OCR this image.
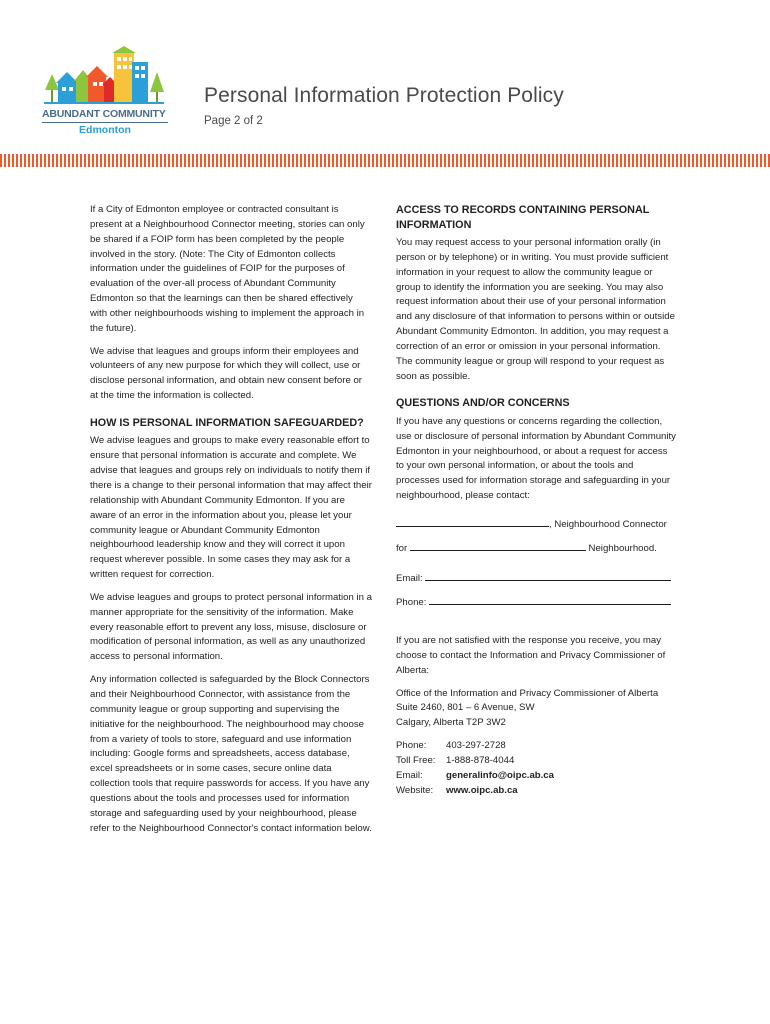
ABUNDANT COMMUNITY
Edmonton
Personal Information Protection Policy
Page 2 of 2

If a City of Edmonton employee or contracted consultant is present at a Neighbourhood Connector meeting, stories can only be shared if a FOIP form has been completed by the people involved in the story. (Note: The City of Edmonton collects information under the guidelines of FOIP for the purposes of evaluation of the over-all process of Abundant Community Edmonton so that the learnings can then be shared effectively with other neighbourhoods wishing to implement the approach in the future).

We advise that leagues and groups inform their employees and volunteers of any new purpose for which they will collect, use or disclose personal information, and obtain new consent before or at the time the information is collected.

HOW IS PERSONAL INFORMATION SAFEGUARDED?

We advise leagues and groups to make every reasonable effort to ensure that personal information is accurate and complete. We advise that leagues and groups rely on individuals to notify them if there is a change to their personal information that may affect their relationship with Abundant Community Edmonton. If you are aware of an error in the information about you, please let your community league or Abundant Community Edmonton neighbourhood leadership know and they will correct it upon request wherever possible. In some cases they may ask for a written request for correction.

We advise leagues and groups to protect personal information in a manner appropriate for the sensitivity of the information. Make every reasonable effort to prevent any loss, misuse, disclosure or modification of personal information, as well as any unauthorized access to personal information.

Any information collected is safeguarded by the Block Connectors and their Neighbourhood Connector, with assistance from the community league or group supporting and supervising the initiative for the neighbourhood. The neighbourhood may choose from a variety of tools to store, safeguard and use information including: Google forms and spreadsheets, access database, excel spreadsheets or in some cases, secure online data collection tools that require passwords for access. If you have any questions about the tools and processes used for information storage and safeguarding used by your neighbourhood, please refer to the Neighbourhood Connector's contact information below.

ACCESS TO RECORDS CONTAINING PERSONAL INFORMATION

You may request access to your personal information orally (in person or by telephone) or in writing. You must provide sufficient information in your request to allow the community league or group to identify the information you are seeking. You may also request information about their use of your personal information and any disclosure of that information to persons within or outside Abundant Community Edmonton. In addition, you may request a correction of an error or omission in your personal information. The community league or group will respond to your request as soon as possible.

QUESTIONS AND/OR CONCERNS

If you have any questions or concerns regarding the collection, use or disclosure of personal information by Abundant Community Edmonton in your neighbourhood, or about a request for access to your own personal information, or about the tools and processes used for information storage and safeguarding in your neighbourhood, please contact:

, Neighbourhood Connector
for	Neighbourhood.
Email:
Phone:

If you are not satisfied with the response you receive, you may choose to contact the Information and Privacy Commissioner of Alberta:

Office of the Information and Privacy Commissioner of Alberta
Suite 2460, 801 – 6 Avenue, SW
Calgary, Alberta T2P 3W2
Phone:	403-297-2728
Toll Free:	1-888-878-4044
Email:	generalinfo@oipc.ab.ca
Website:	www.oipc.ab.ca
